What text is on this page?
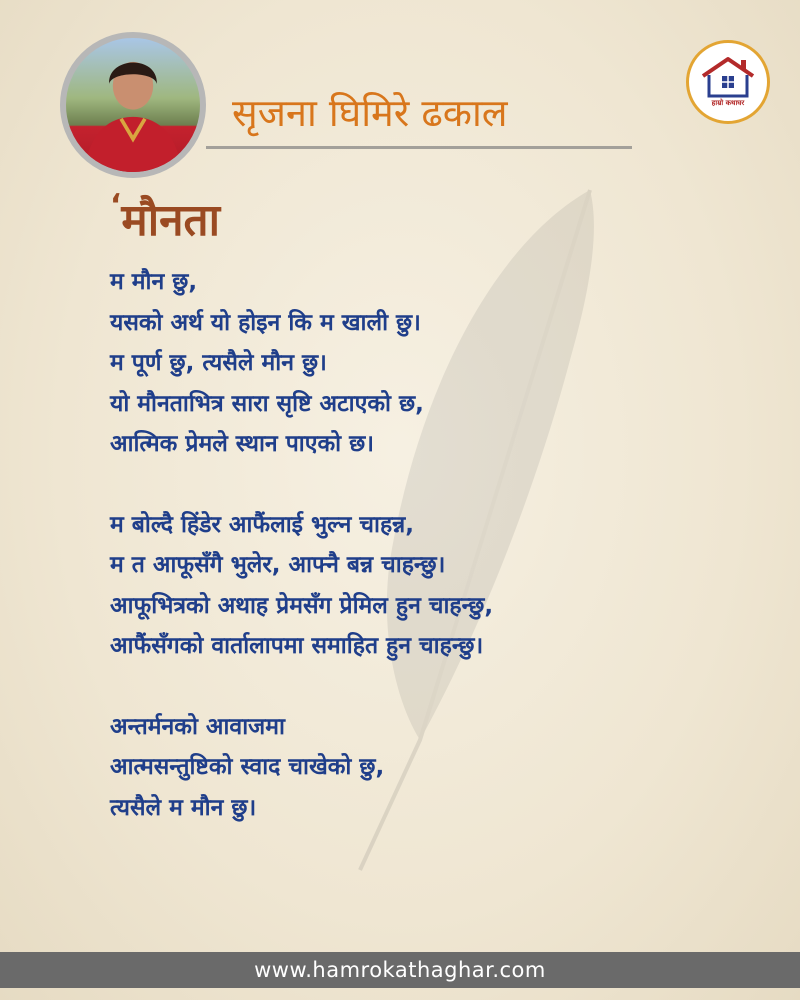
सृजना घिमिरे ढकाल	हाम्रो कथाघर
‘मौनता
म मौन छु,
यसको अर्थ यो होइन कि म खाली छु।
म पूर्ण छु, त्यसैले मौन छु।
यो मौनताभित्र सारा सृष्टि अटाएको छ,
आत्मिक प्रेमले स्थान पाएको छ।
म बोल्दै हिंडेर आफैंलाई भुल्न चाहन्न,
म त आफूसँगै भुलेर, आफ्नै बन्न चाहन्छु।
आफूभित्रको अथाह प्रेमसँग प्रेमिल हुन चाहन्छु,
आफैंसँगको वार्तालापमा समाहित हुन चाहन्छु।
अन्तर्मनको आवाजमा
आत्मसन्तुष्टिको स्वाद चाखेको छु,
त्यसैले म मौन छु।
www.hamrokathaghar.com
